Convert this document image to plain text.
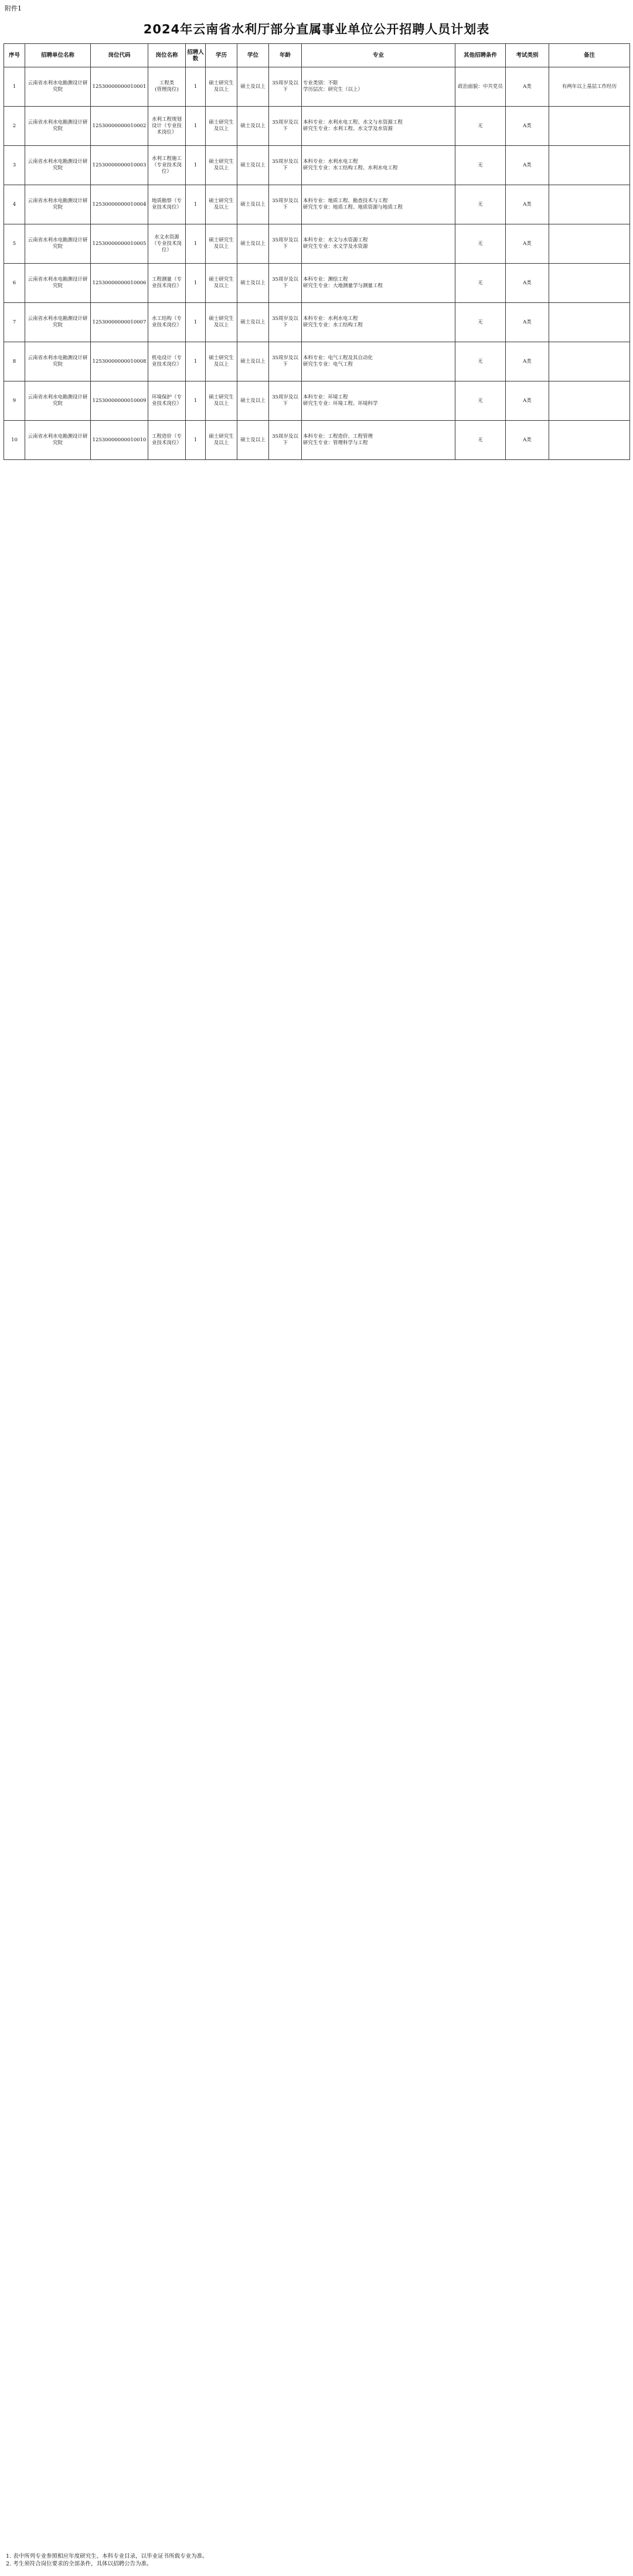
附件1
2024年云南省水利厅部分直属事业单位公开招聘人员计划表
序号	招聘单位名称	岗位代码	岗位名称	招聘人数	学历	学位	年龄	专业	其他招聘条件	考试类别	备注
1	云南省水利水电勘测设计研究院	12530000000010001	工程类
(管理岗位)	1	硕士研究生及以上	硕士及以上	35周岁及以下	专业类别：不限
学历层次：研究生（以上）	政治面貌：中共党员	A类	有两年以上基层工作经历
2	云南省水利水电勘测设计研究院	12530000000010002	水利工程规划设计（专业技术岗位）	1	硕士研究生及以上	硕士及以上	35周岁及以下	本科专业：水利水电工程、水文与水资源工程
研究生专业：水利工程、水文学及水资源	无	A类	
3	云南省水利水电勘测设计研究院	12530000000010003	水利工程施工（专业技术岗位）	1	硕士研究生及以上	硕士及以上	35周岁及以下	本科专业：水利水电工程
研究生专业：水工结构工程、水利水电工程	无	A类	
4	云南省水利水电勘测设计研究院	12530000000010004	地质勘察（专业技术岗位）	1	硕士研究生及以上	硕士及以上	35周岁及以下	本科专业：地质工程、勘查技术与工程
研究生专业：地质工程、地质资源与地质工程	无	A类	
5	云南省水利水电勘测设计研究院	12530000000010005	水文水资源（专业技术岗位）	1	硕士研究生及以上	硕士及以上	35周岁及以下	本科专业：水文与水资源工程
研究生专业：水文学及水资源	无	A类	
6	云南省水利水电勘测设计研究院	12530000000010006	工程测量（专业技术岗位）	1	硕士研究生及以上	硕士及以上	35周岁及以下	本科专业：测绘工程
研究生专业：大地测量学与测量工程	无	A类	
7	云南省水利水电勘测设计研究院	12530000000010007	水工结构（专业技术岗位）	1	硕士研究生及以上	硕士及以上	35周岁及以下	本科专业：水利水电工程
研究生专业：水工结构工程	无	A类	
8	云南省水利水电勘测设计研究院	12530000000010008	机电设计（专业技术岗位）	1	硕士研究生及以上	硕士及以上	35周岁及以下	本科专业：电气工程及其自动化
研究生专业：电气工程	无	A类	
9	云南省水利水电勘测设计研究院	12530000000010009	环境保护（专业技术岗位）	1	硕士研究生及以上	硕士及以上	35周岁及以下	本科专业：环境工程
研究生专业：环境工程、环境科学	无	A类	
10	云南省水利水电勘测设计研究院	12530000000010010	工程造价（专业技术岗位）	1	硕士研究生及以上	硕士及以上	35周岁及以下	本科专业：工程造价、工程管理
研究生专业：管理科学与工程	无	A类	
1. 表中所列专业参照相应年度研究生、本科专业目录，以毕业证书所载专业为准。
2. 考生须符合岗位要求的全部条件，具体以招聘公告为准。
